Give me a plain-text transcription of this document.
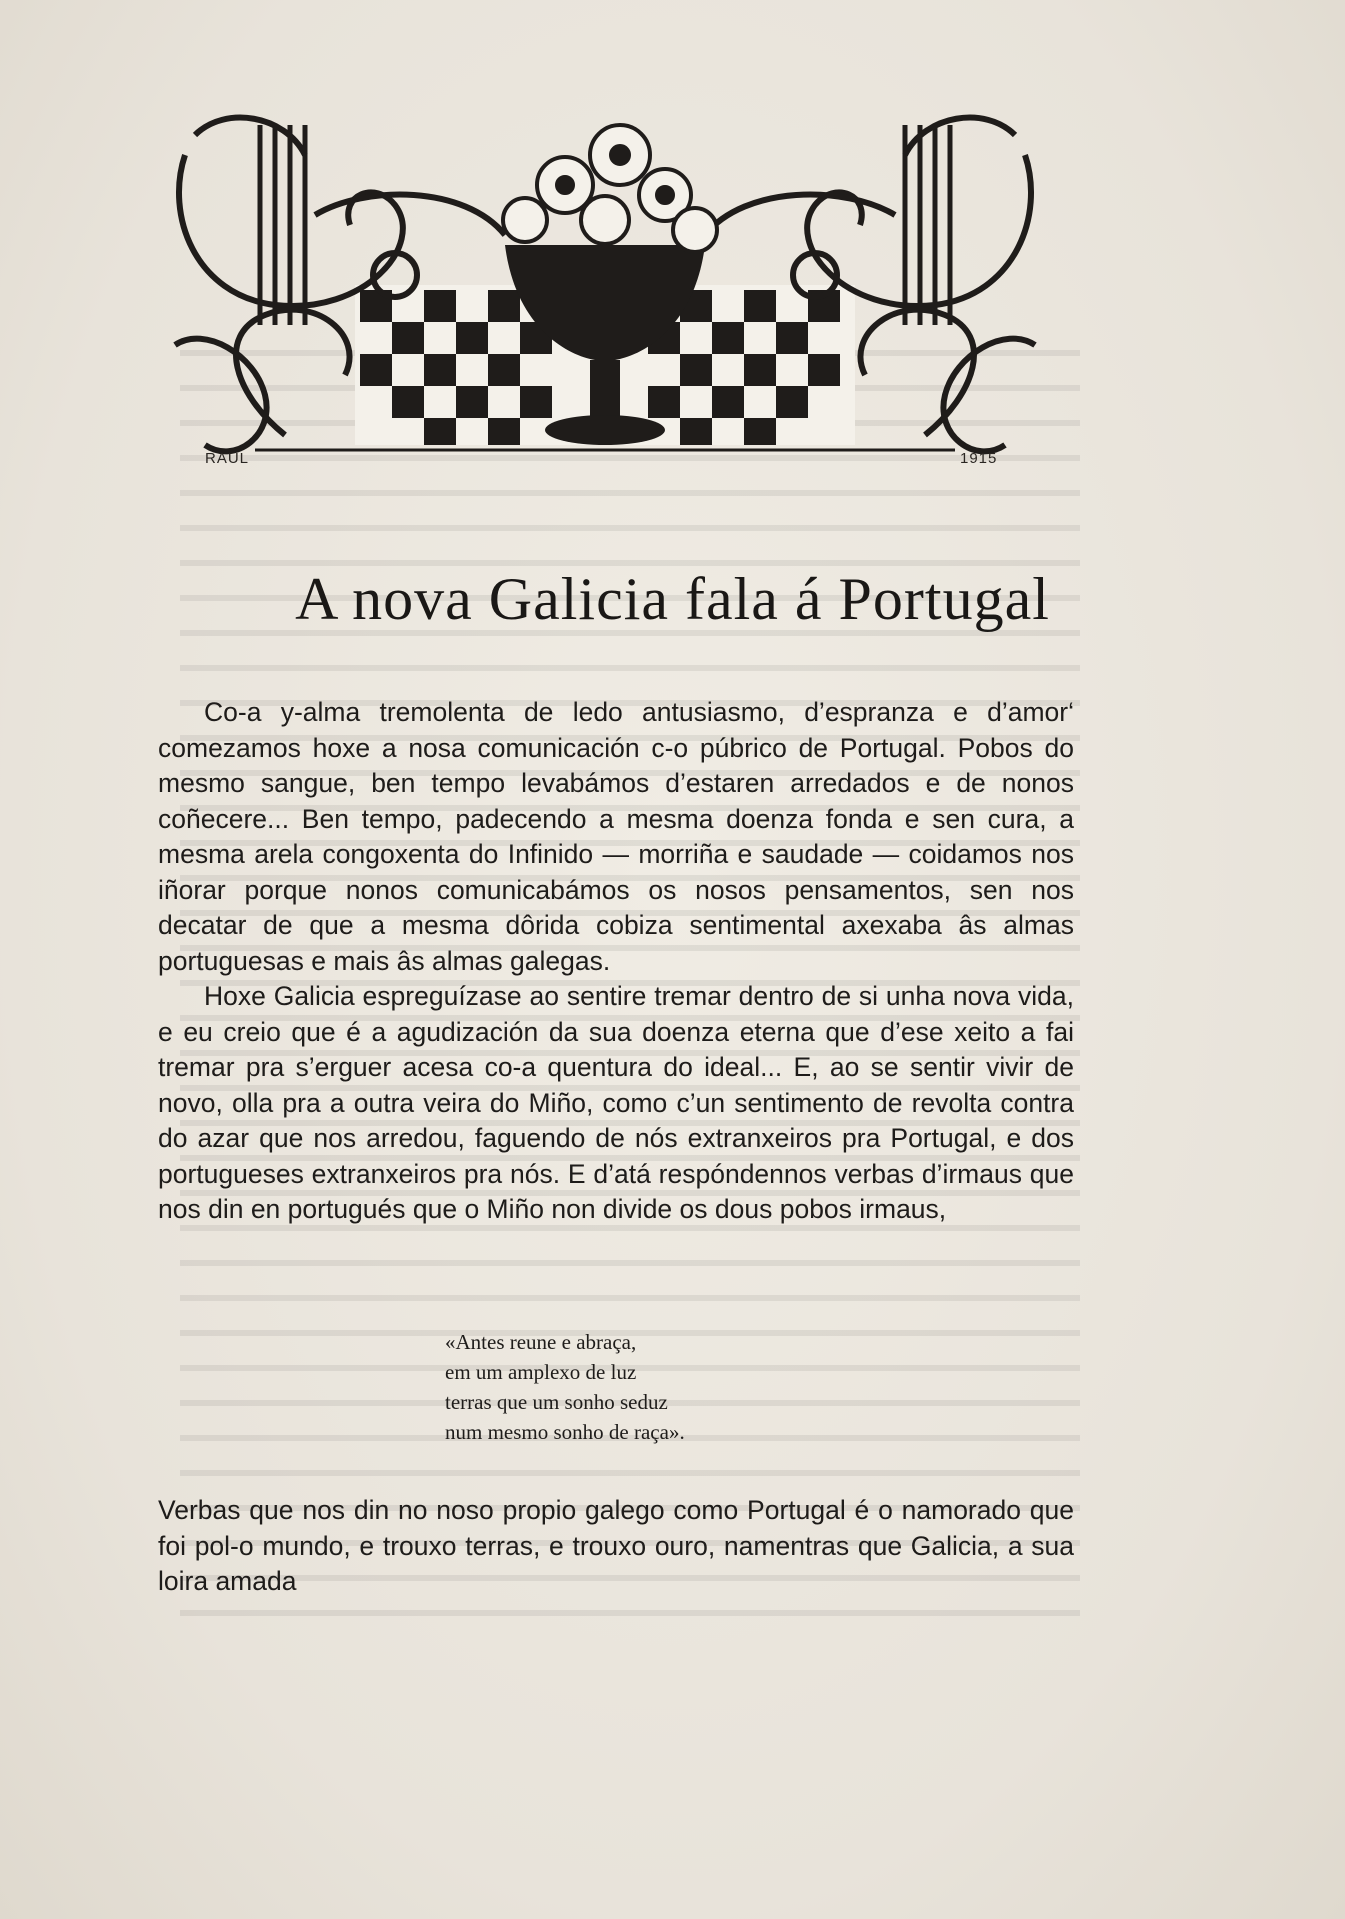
RAUL	1915
A nova Galicia fala á Portugal

Co-a y-alma tremolenta de ledo antusiasmo, d’espranza e d’amor‘ comezamos hoxe a nosa comunicación c-o púbrico de Portugal. Pobos do mesmo sangue, ben tempo levabámos d’estaren arredados e de nonos coñecere... Ben tempo, padecendo a mesma doenza fonda e sen cura, a mesma arela congoxenta do Infinido — morriña e saudade — coidamos nos iñorar porque nonos comunicabámos os nosos pensamentos, sen nos decatar de que a mesma dôrida cobiza sentimental axexaba âs almas portuguesas e mais âs almas galegas.

Hoxe Galicia espreguízase ao sentire tremar dentro de si unha nova vida, e eu creio que é a agudización da sua doenza eterna que d’ese xeito a fai tremar pra s’erguer acesa co-a quentura do ideal... E, ao se sentir vivir de novo, olla pra a outra veira do Miño, como c’un sentimento de revolta contra do azar que nos arredou, faguendo de nós extranxeiros pra Portugal, e dos portugueses extranxeiros pra nós. E d’atá respóndennos verbas d’irmaus que nos din en portugués que o Miño non divide os dous pobos irmaus,

«Antes reune e abraça,
em um amplexo de luz
terras que um sonho seduz
num mesmo sonho de raça».

Verbas que nos din no noso propio galego como Portugal é o namorado que foi pol-o mundo, e trouxo terras, e trouxo ouro, namentras que Galicia, a sua loira amada
